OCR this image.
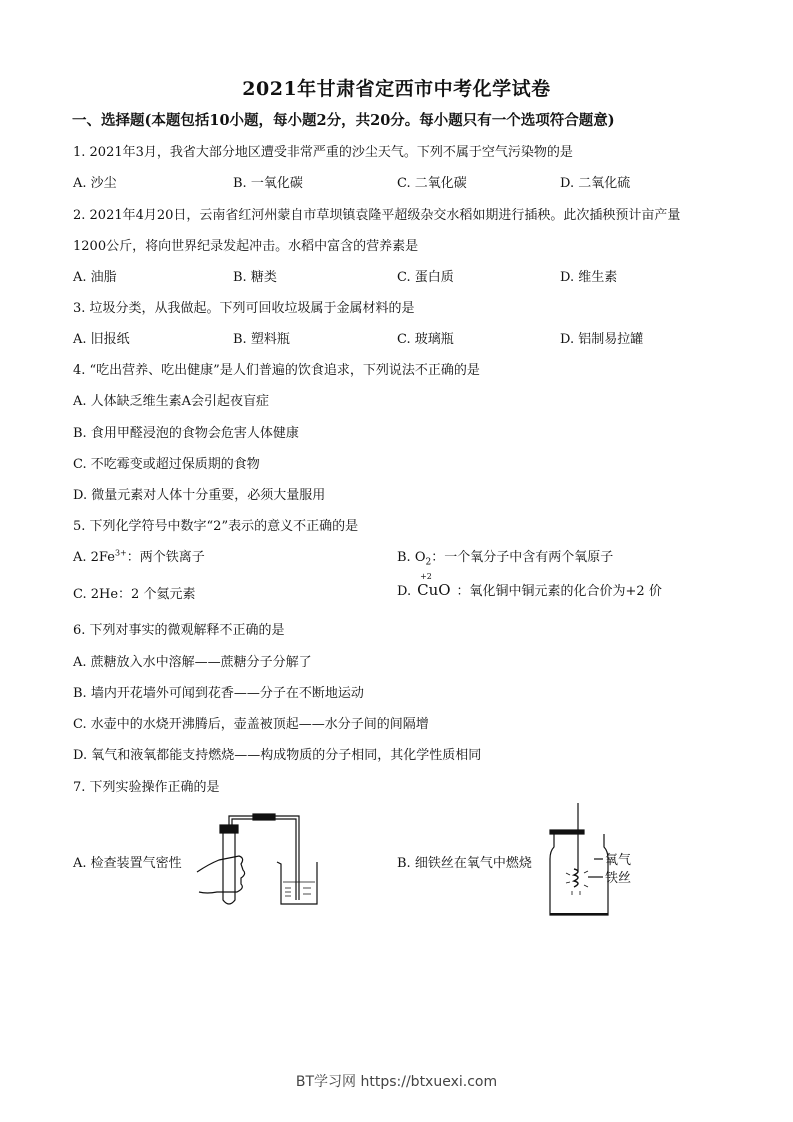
2021年甘肃省定西市中考化学试卷
一、选择题(本题包括10小题，每小题2分，共20分。每小题只有一个选项符合题意)
1. 2021年3月，我省大部分地区遭受非常严重的沙尘天气。下列不属于空气污染物的是
A. 沙尘	B. 一氧化碳	C. 二氧化碳	D. 二氧化硫
2. 2021年4月20日，云南省红河州蒙自市草坝镇袁隆平超级杂交水稻如期进行插秧。此次插秧预计亩产量
1200公斤，将向世界纪录发起冲击。水稻中富含的营养素是
A. 油脂	B. 糖类	C. 蛋白质	D. 维生素
3. 垃圾分类，从我做起。下列可回收垃圾属于金属材料的是
A. 旧报纸	B. 塑料瓶	C. 玻璃瓶	D. 铝制易拉罐
4. “吃出营养、吃出健康”是人们普遍的饮食追求，下列说法不正确的是
A. 人体缺乏维生素A会引起夜盲症
B. 食用甲醛浸泡的食物会危害人体健康
C. 不吃霉变或超过保质期的食物
D. 微量元素对人体十分重要，必须大量服用
5. 下列化学符号中数字“2”表示的意义不正确的是
A. $2Fe^{3+}$：两个铁离子	B. $O_2$：一个氧分子中含有两个氧原子
C. 2He：2 个氦元素	D.
+2
CuO ：氧化铜中铜元素的化合价为+2 价
6. 下列对事实的微观解释不正确的是
A. 蔗糖放入水中溶解——蔗糖分子分解了
B. 墙内开花墙外可闻到花香——分子在不断地运动
C. 水壶中的水烧开沸腾后，壶盖被顶起——水分子间的间隔增
D. 氧气和液氧都能支持燃烧——构成物质的分子相同，其化学性质相同
7. 下列实验操作正确的是
A. 检查装置气密性	B. 细铁丝在氧气中燃烧	氧气
铁丝
BT学习网 https://btxuexi.com
